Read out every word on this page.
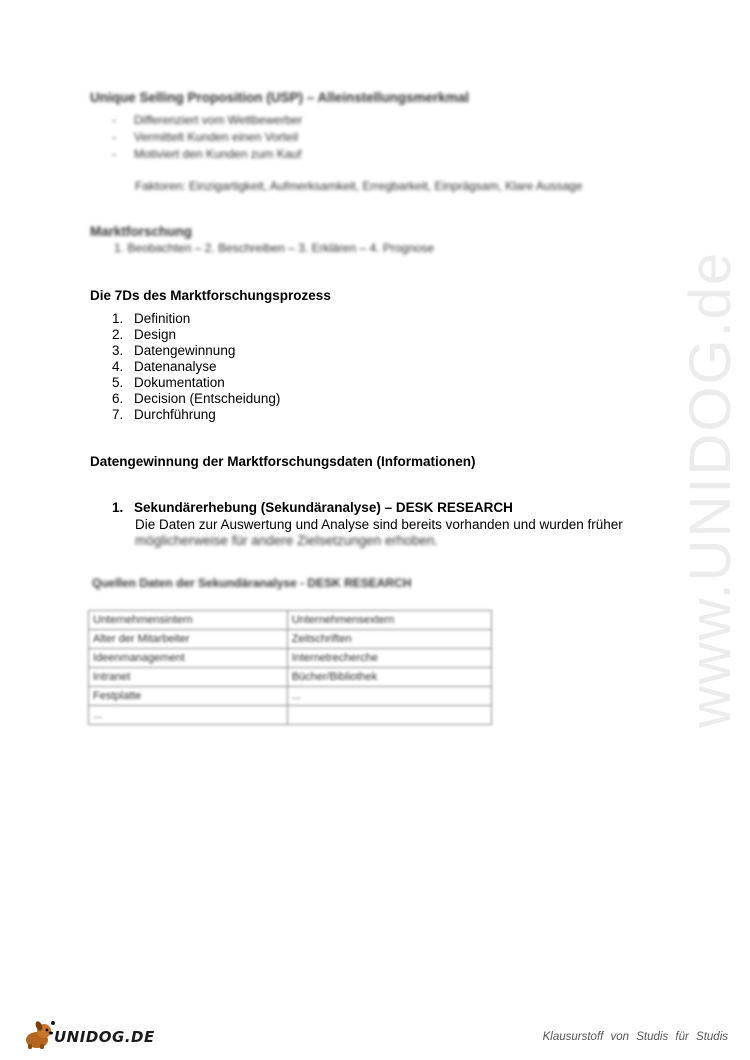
Unique Selling Proposition (USP) – Alleinstellungsmerkmal
- Differenziert vom Wettbewerber
- Vermittelt Kunden einen Vorteil
- Motiviert den Kunden zum Kauf

Faktoren: Einzigartigkeit, Aufmerksamkeit, Erregbarkeit, Einprägsam, Klare Aussage

Marktforschung

1. Beobachten – 2. Beschreiben – 3. Erklären – 4. Prognose

Die 7Ds des Marktforschungsprozess
1. Definition
2. Design
3. Datengewinnung
4. Datenanalyse
5. Dokumentation
6. Decision (Entscheidung)
7. Durchführung
Datengewinnung der Marktforschungsdaten (Informationen)
1. Sekundärerhebung (Sekundäranalyse) – DESK RESEARCH
Die Daten zur Auswertung und Analyse sind bereits vorhanden und wurden früher
möglicherweise für andere Zielsetzungen erhoben.
Quellen Daten der Sekundäranalyse - DESK RESEARCH
Unternehmensintern	Unternehmensextern
Alter der Mitarbeiter	Zeitschriften
Ideenmanagement	Internetrecherche
Intranet	Bücher/Bibliothek
Festplatte	...
...		www.UNIDOG.de
UNIDOG.DE	Klausurstoff von Studis für Studis
